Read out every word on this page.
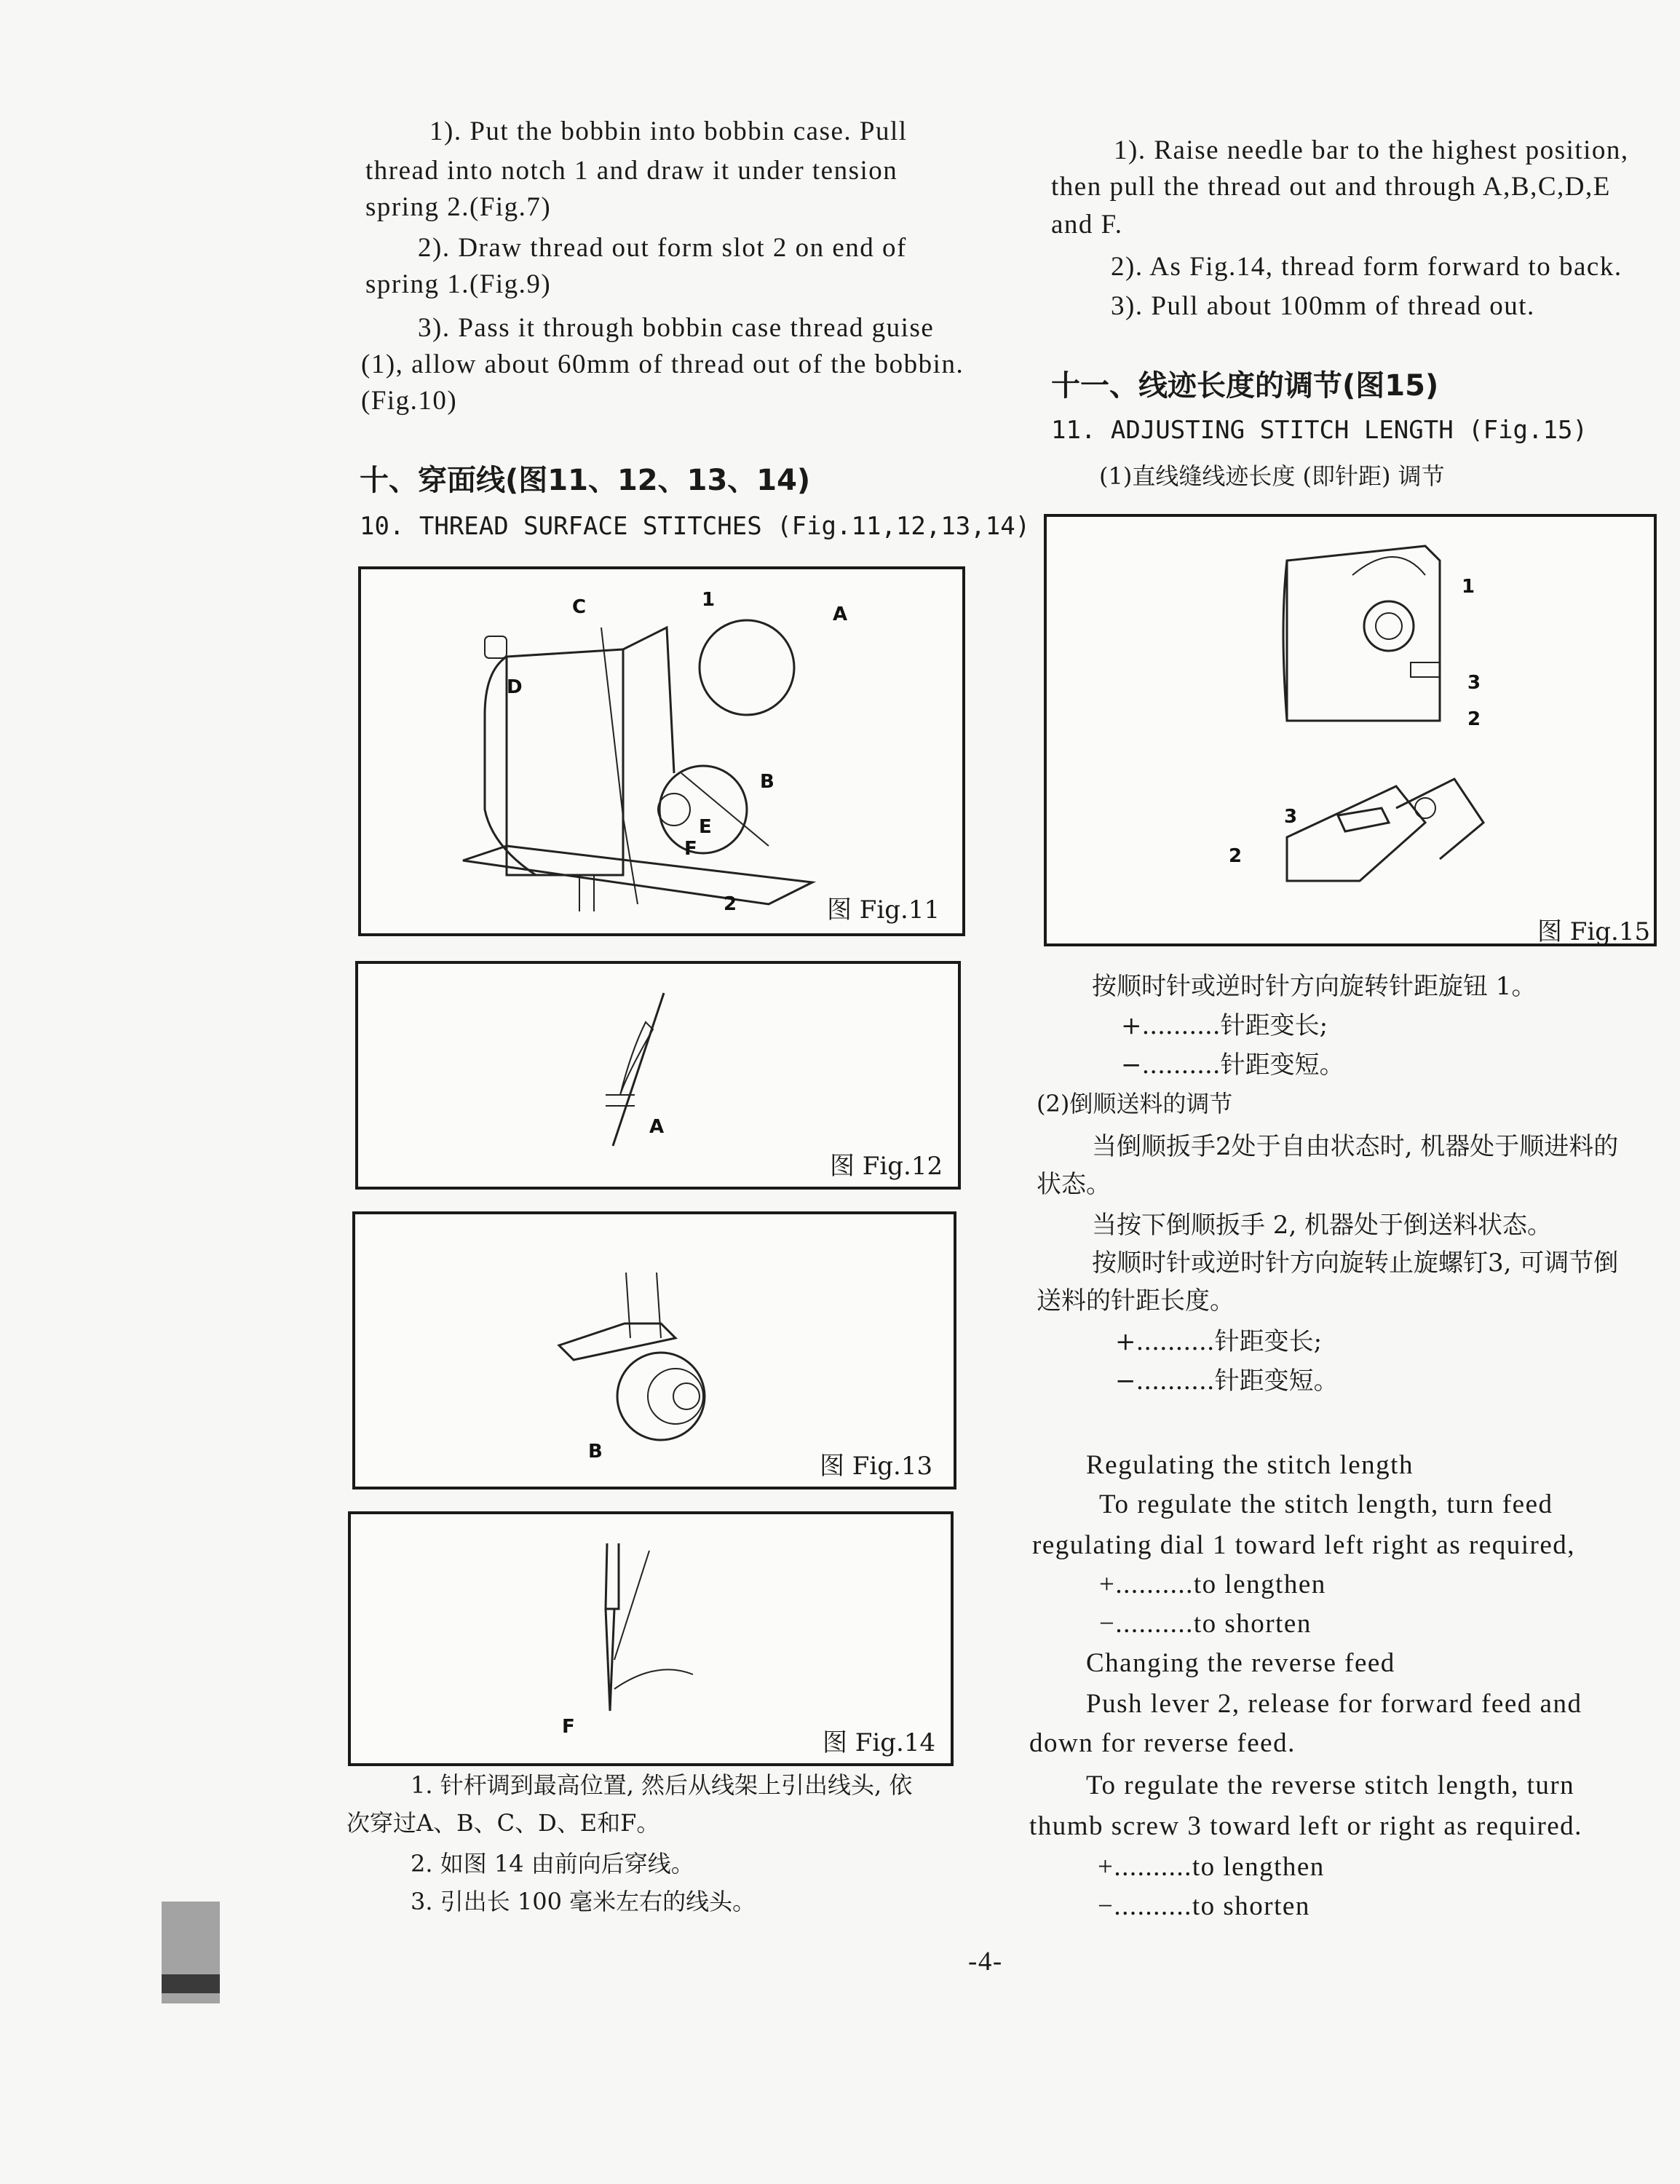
1). Put the bobbin into bobbin case. Pull
thread into notch 1 and draw it under tension
spring 2.(Fig.7)
2). Draw thread out form slot 2 on end of
spring 1.(Fig.9)
3). Pass it through bobbin case thread guise
(1), allow about 60mm of thread out of the bobbin.
(Fig.10)
十、穿面线(图11、12、13、14)
10. THREAD SURFACE STITCHES (Fig.11,12,13,14)
C	1
A
D
B
E
F
2	图 Fig.11
A
图 Fig.12
B	图 Fig.13
F
图 Fig.14
1. 针杆调到最高位置, 然后从线架上引出线头, 依
次穿过A、B、C、D、E和F。
2. 如图 14 由前向后穿线。
3. 引出长 100 毫米左右的线头。
1). Raise needle bar to the highest position,
then pull the thread out and through A,B,C,D,E
and F.
2). As Fig.14, thread form forward to back.
3). Pull about 100mm of thread out.
十一、线迹长度的调节(图15)
11. ADJUSTING STITCH LENGTH (Fig.15)
(1)直线缝线迹长度 (即针距) 调节
1
3
2
3
2
图 Fig.15
按顺时针或逆时针方向旋转针距旋钮 1。
+..........针距变长;
−..........针距变短。
(2)倒顺送料的调节
当倒顺扳手2处于自由状态时, 机器处于顺进料的
状态。
当按下倒顺扳手 2, 机器处于倒送料状态。
按顺时针或逆时针方向旋转止旋螺钉3, 可调节倒
送料的针距长度。
+..........针距变长;
−..........针距变短。
Regulating the stitch length
To regulate the stitch length, turn feed
regulating dial 1 toward left right as required,
+..........to lengthen
−..........to shorten
Changing the reverse feed
Push lever 2, release for forward feed and
down for reverse feed.
To regulate the reverse stitch length, turn
thumb screw 3 toward left or right as required.
+..........to lengthen
−..........to shorten
-4-
